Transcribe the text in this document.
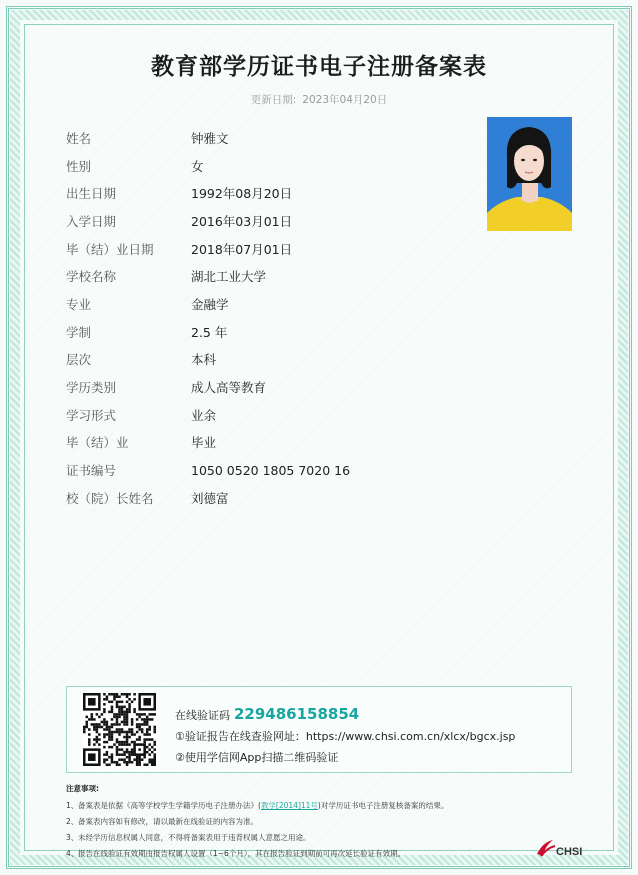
教育部学历证书电子注册备案表
更新日期: 2023年04月20日
姓名	钟雅文
性别	女
出生日期	1992年08月20日
入学日期	2016年03月01日
毕（结）业日期	2018年07月01日
学校名称	湖北工业大学
专业	金融学
学制	2.5 年
层次	本科
学历类别	成人高等教育
学习形式	业余
毕（结）业	毕业
证书编号	1050 0520 1805 7020 16
校（院）长姓名	刘德富
在线验证码 229486158854
①验证报告在线查验网址：https://www.chsi.com.cn/xlcx/bgcx.jsp
②使用学信网App扫描二维码验证
注意事项:
1、 备案表是依据《高等学校学生学籍学历电子注册办法》(教学[2014]11号)对学历证书电子注册复核备案的结果。
2、 备案表内容如有修改，请以最新在线验证的内容为准。
3、 未经学历信息权属人同意，不得将备案表用于违背权属人意愿之用途。
4、 报告在线验证有效期由报告权属人设置（1~6个月），其在报告验证到期前可再次延长验证有效期。	CHSI
